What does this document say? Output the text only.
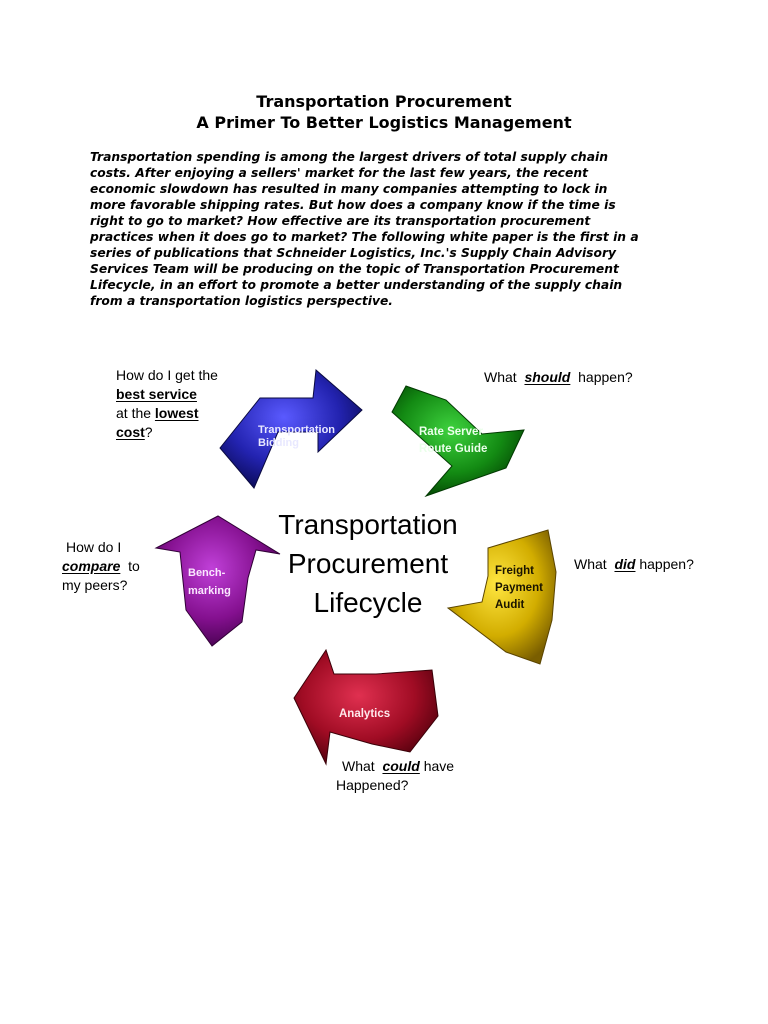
Transportation Procurement
A Primer To Better Logistics Management
Transportation spending is among the largest drivers of total supply chain
costs. After enjoying a sellers' market for the last few years, the recent
economic slowdown has resulted in many companies attempting to lock in
more favorable shipping rates. But how does a company know if the time is
right to go to market? How effective are its transportation procurement
practices when it does go to market? The following white paper is the first in a
series of publications that Schneider Logistics, Inc.'s Supply Chain Advisory
Services Team will be producing on the topic of Transportation Procurement
Lifecycle, in an effort to promote a better understanding of the supply chain
from a transportation logistics perspective.
Transportation
Procurement
Lifecycle
Transportation
Bidding
Rate Server
Route Guide
Freight
Payment
Audit
Analytics
Bench-
marking
How do I get the
best service
at the lowest
cost?
What should happen?
What did happen?
What could have
Happened?
How do I
compare to
my peers?
